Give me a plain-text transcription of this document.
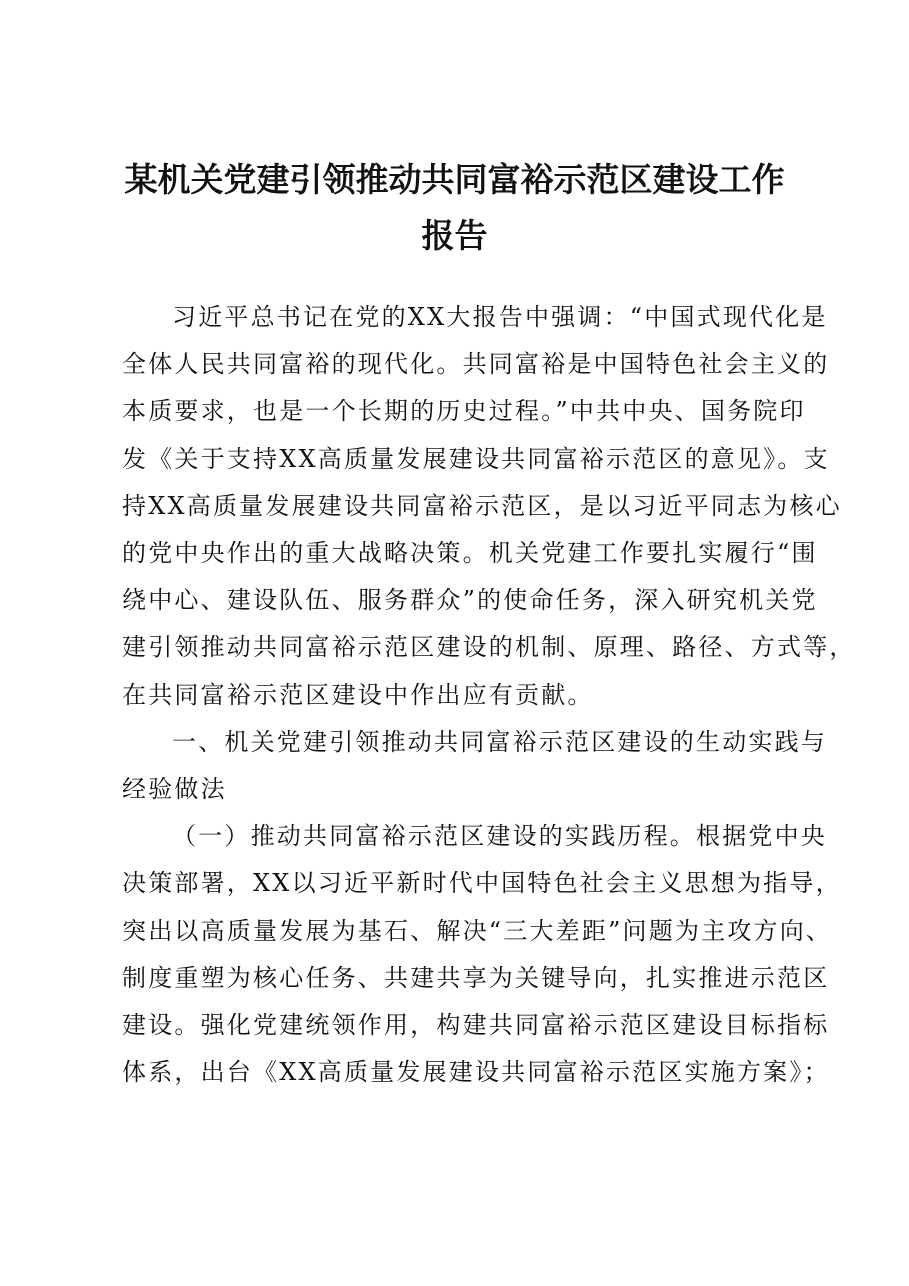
某机关党建引领推动共同富裕示范区建设工作
报告

习近平总书记在党的XX大报告中强调：“中国式现代化是
全体人民共同富裕的现代化。共同富裕是中国特色社会主义的
本质要求，也是一个长期的历史过程。”中共中央、国务院印
发《关于支持XX高质量发展建设共同富裕示范区的意见》。支
持XX高质量发展建设共同富裕示范区，是以习近平同志为核心
的党中央作出的重大战略决策。机关党建工作要扎实履行“围
绕中心、建设队伍、服务群众”的使命任务，深入研究机关党
建引领推动共同富裕示范区建设的机制、原理、路径、方式等，
在共同富裕示范区建设中作出应有贡献。

一、机关党建引领推动共同富裕示范区建设的生动实践与
经验做法

（一）推动共同富裕示范区建设的实践历程。根据党中央
决策部署，XX以习近平新时代中国特色社会主义思想为指导，
突出以高质量发展为基石、解决“三大差距”问题为主攻方向、
制度重塑为核心任务、共建共享为关键导向，扎实推进示范区
建设。强化党建统领作用，构建共同富裕示范区建设目标指标
体系，出台《XX高质量发展建设共同富裕示范区实施方案》；
